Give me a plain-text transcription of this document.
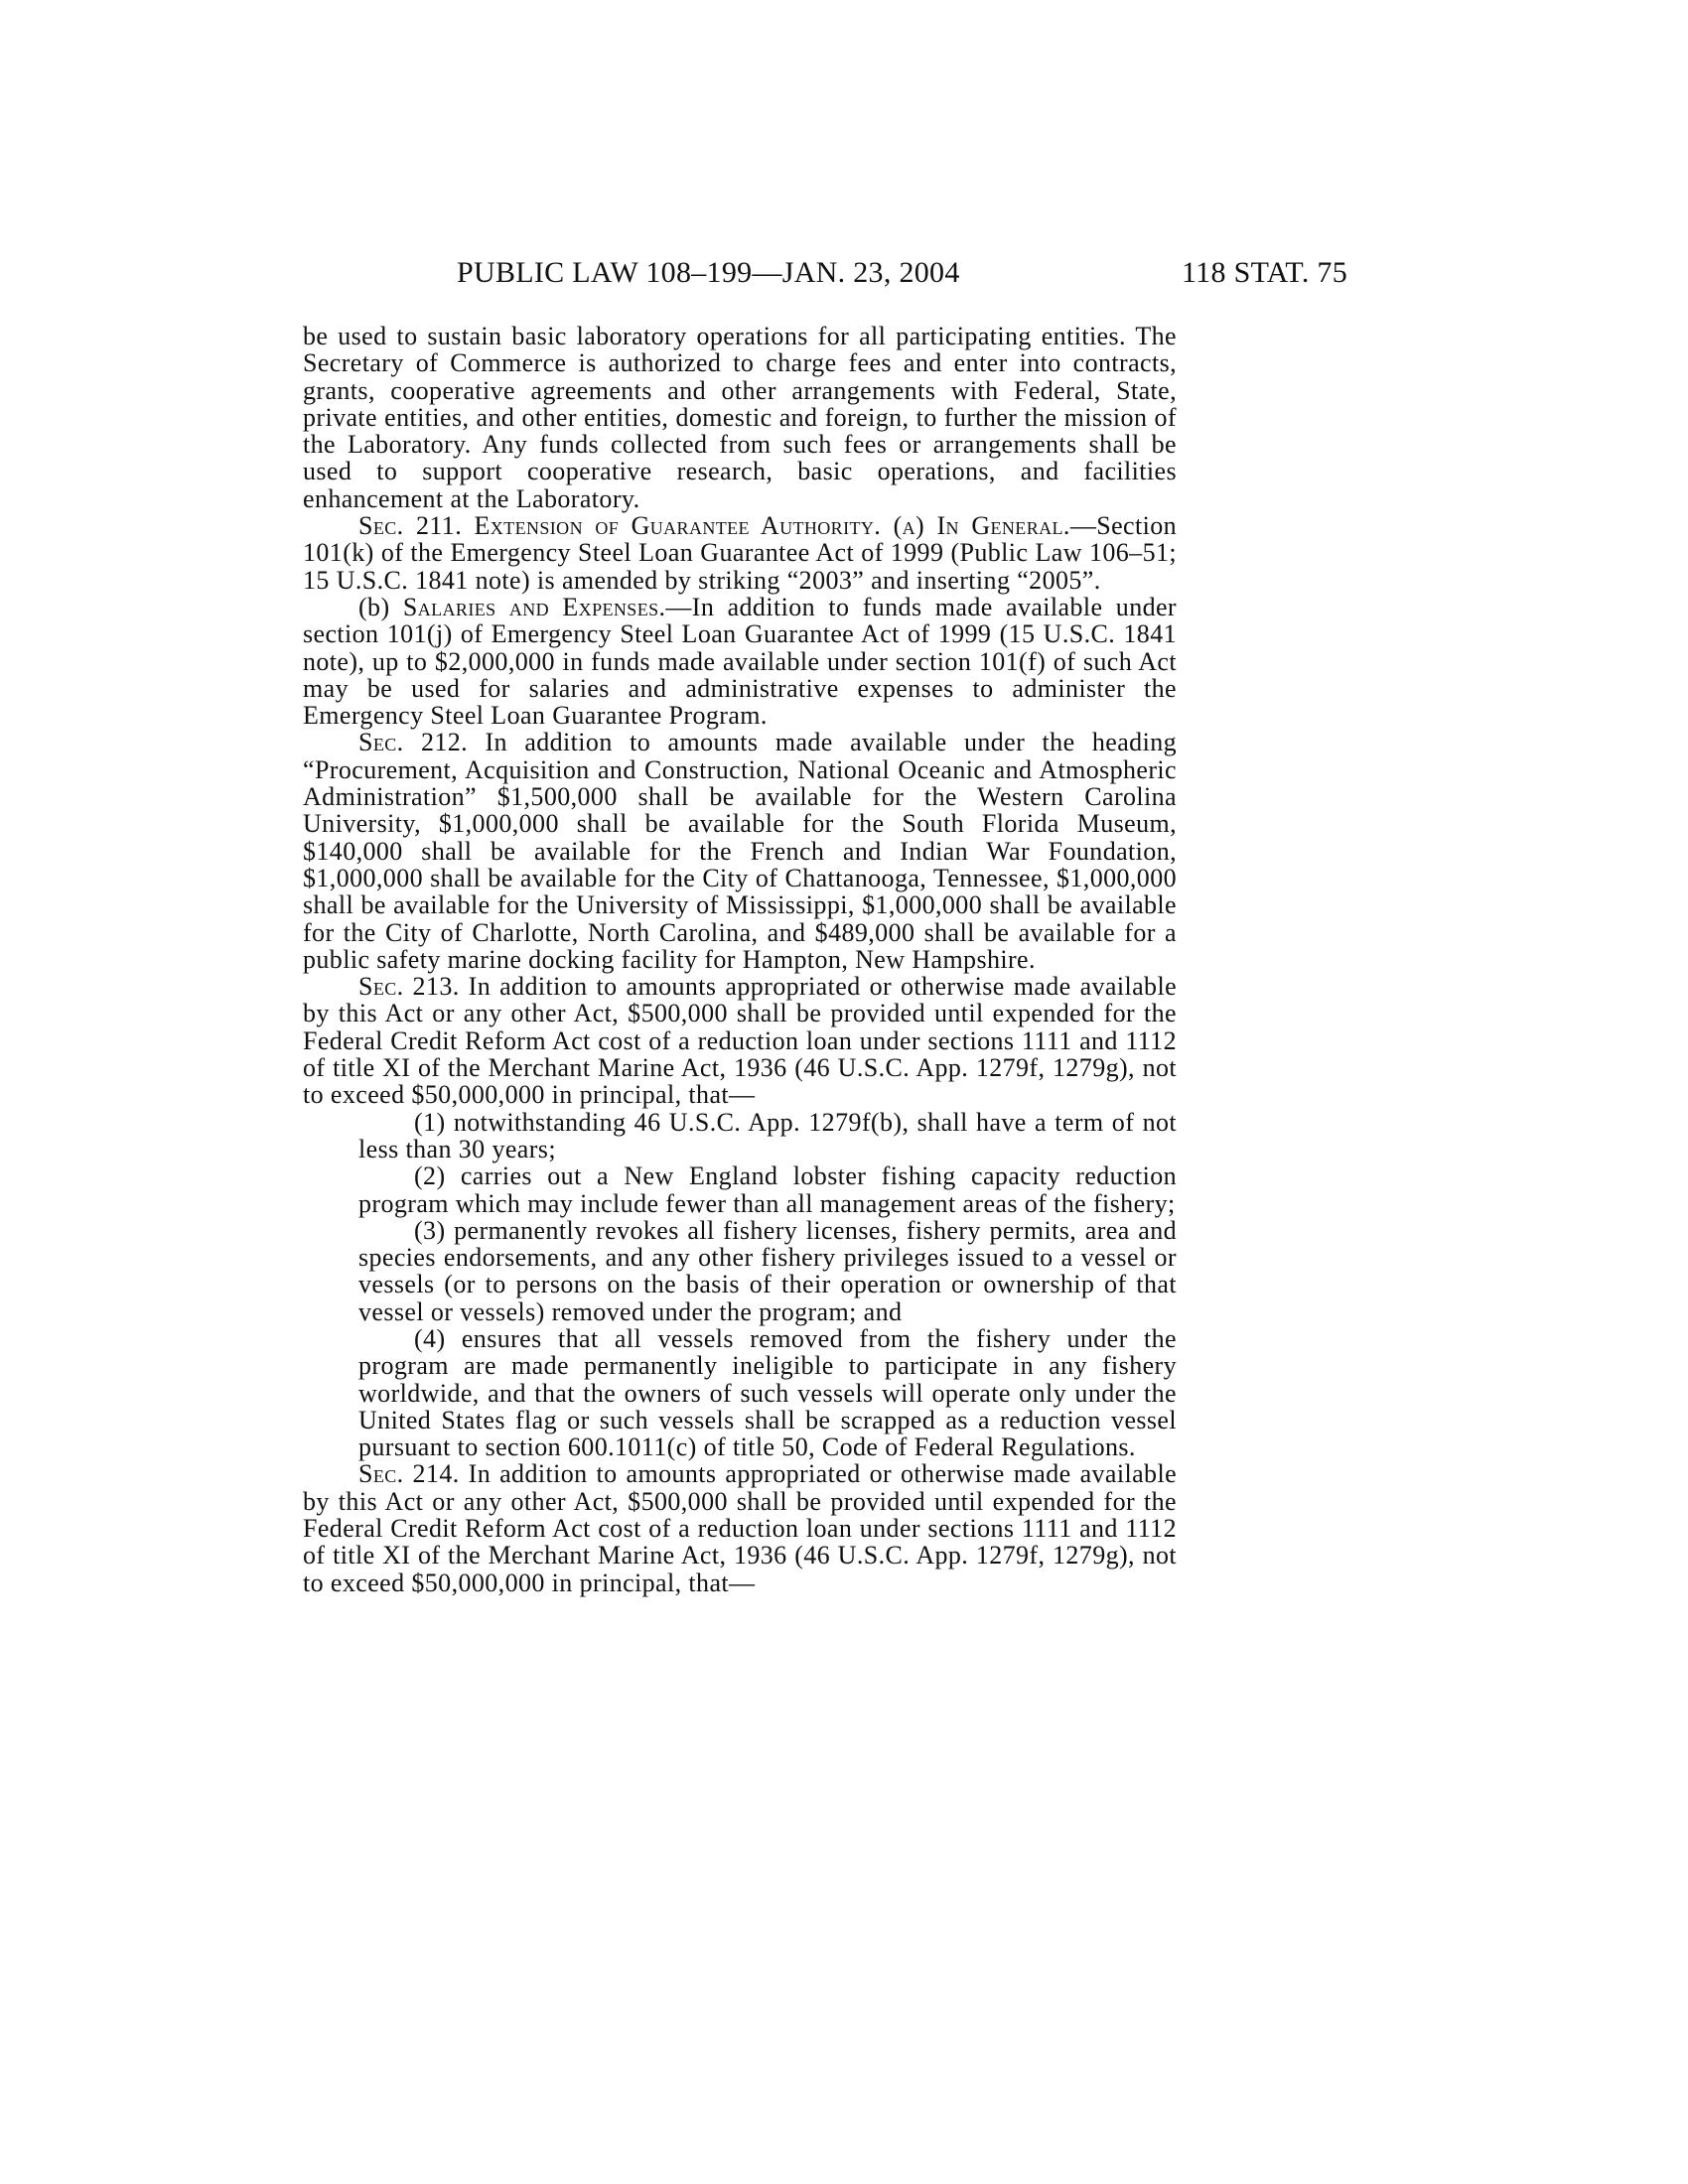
PUBLIC LAW 108–199—JAN. 23, 2004	118 STAT. 75

be used to sustain basic laboratory operations for all participating entities. The Secretary of Commerce is authorized to charge fees and enter into contracts, grants, cooperative agreements and other arrangements with Federal, State, private entities, and other entities, domestic and foreign, to further the mission of the Laboratory. Any funds collected from such fees or arrangements shall be used to support cooperative research, basic operations, and facilities enhancement at the Laboratory.

Sec. 211. Extension of Guarantee Authority. (a) In General.—Section 101(k) of the Emergency Steel Loan Guarantee Act of 1999 (Public Law 106–51; 15 U.S.C. 1841 note) is amended by striking “2003” and inserting “2005”.

(b) Salaries and Expenses.—In addition to funds made available under section 101(j) of Emergency Steel Loan Guarantee Act of 1999 (15 U.S.C. 1841 note), up to $2,000,000 in funds made available under section 101(f) of such Act may be used for salaries and administrative expenses to administer the Emergency Steel Loan Guarantee Program.

Sec. 212. In addition to amounts made available under the heading “Procurement, Acquisition and Construction, National Oceanic and Atmospheric Administration” $1,500,000 shall be available for the Western Carolina University, $1,000,000 shall be available for the South Florida Museum, $140,000 shall be available for the French and Indian War Foundation, $1,000,000 shall be available for the City of Chattanooga, Tennessee, $1,000,000 shall be available for the University of Mississippi, $1,000,000 shall be available for the City of Charlotte, North Carolina, and $489,000 shall be available for a public safety marine docking facility for Hampton, New Hampshire.

Sec. 213. In addition to amounts appropriated or otherwise made available by this Act or any other Act, $500,000 shall be provided until expended for the Federal Credit Reform Act cost of a reduction loan under sections 1111 and 1112 of title XI of the Merchant Marine Act, 1936 (46 U.S.C. App. 1279f, 1279g), not to exceed $50,000,000 in principal, that—

(1) notwithstanding 46 U.S.C. App. 1279f(b), shall have a term of not less than 30 years;

(2) carries out a New England lobster fishing capacity reduction program which may include fewer than all management areas of the fishery;

(3) permanently revokes all fishery licenses, fishery permits, area and species endorsements, and any other fishery privileges issued to a vessel or vessels (or to persons on the basis of their operation or ownership of that vessel or vessels) removed under the program; and

(4) ensures that all vessels removed from the fishery under the program are made permanently ineligible to participate in any fishery worldwide, and that the owners of such vessels will operate only under the United States flag or such vessels shall be scrapped as a reduction vessel pursuant to section 600.1011(c) of title 50, Code of Federal Regulations.

Sec. 214. In addition to amounts appropriated or otherwise made available by this Act or any other Act, $500,000 shall be provided until expended for the Federal Credit Reform Act cost of a reduction loan under sections 1111 and 1112 of title XI of the Merchant Marine Act, 1936 (46 U.S.C. App. 1279f, 1279g), not to exceed $50,000,000 in principal, that—
